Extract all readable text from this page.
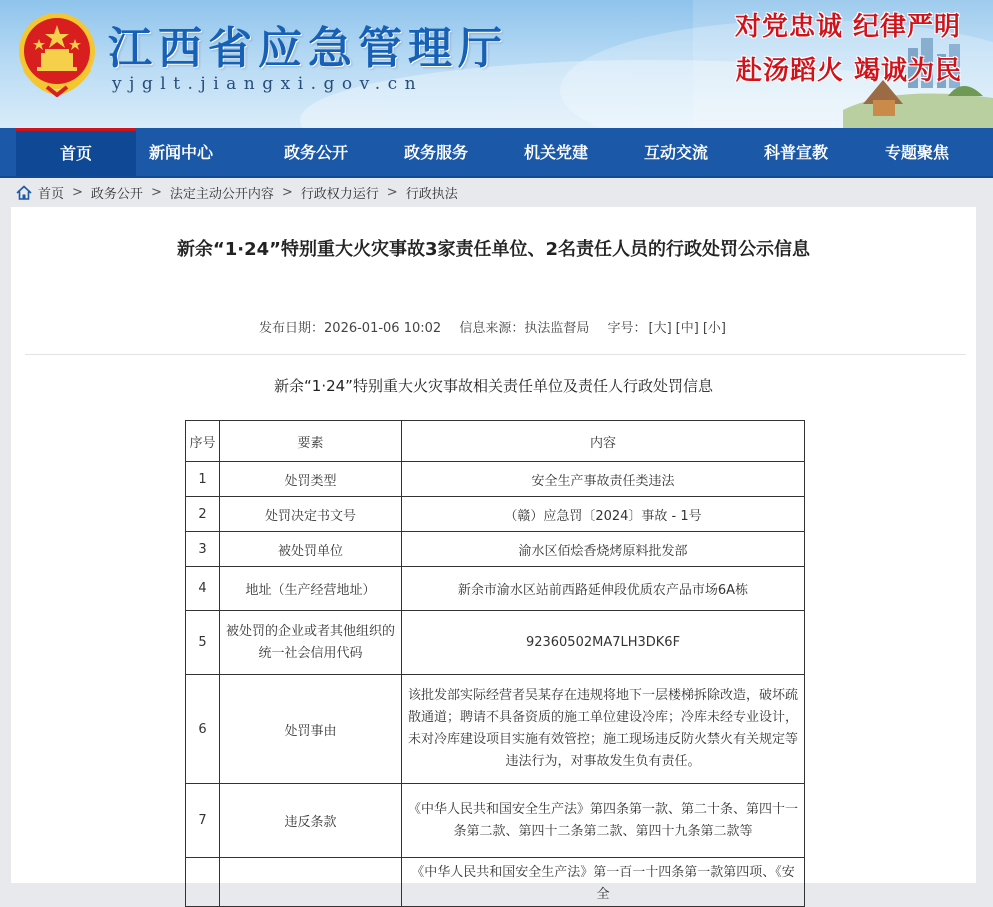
江西省应急管理厅
yjglt.jiangxi.gov.cn
对党忠诚 纪律严明
赴汤蹈火 竭诚为民
首页	新闻中心	政务公开	政务服务	机关党建	互动交流	科普宣教	专题聚焦
首页 > 政务公开 > 法定主动公开内容 > 行政权力运行 > 行政执法
新余“1·24”特别重大火灾事故3家责任单位、2名责任人员的行政处罚公示信息
发布日期：2026-01-06 10:02 信息来源：执法监督局 字号： [大] [中] [小]
新余“1·24”特别重大火灾事故相关责任单位及责任人行政处罚信息
序号	要素	内容
1	处罚类型	安全生产事故责任类违法
2	处罚决定书文号	（赣）应急罚〔2024〕事故 - 1号
3	被处罚单位	渝水区佰烩香烧烤原料批发部
4	地址（生产经营地址）	新余市渝水区站前西路延伸段优质农产品市场6A栋
5	被处罚的企业或者其他组织的统一社会信用代码	92360502MA7LH3DK6F
6	处罚事由	该批发部实际经营者吴某存在违规将地下一层楼梯拆除改造，破坏疏散通道；聘请不具备资质的施工单位建设冷库；冷库未经专业设计，未对冷库建设项目实施有效管控；施工现场违反防火禁火有关规定等违法行为，对事故发生负有责任。
7	违反条款	《中华人民共和国安全生产法》第四条第一款、第二十条、第四十一条第二款、第四十二条第二款、第四十九条第二款等
		《中华人民共和国安全生产法》第一百一十四条第一款第四项、《安全
